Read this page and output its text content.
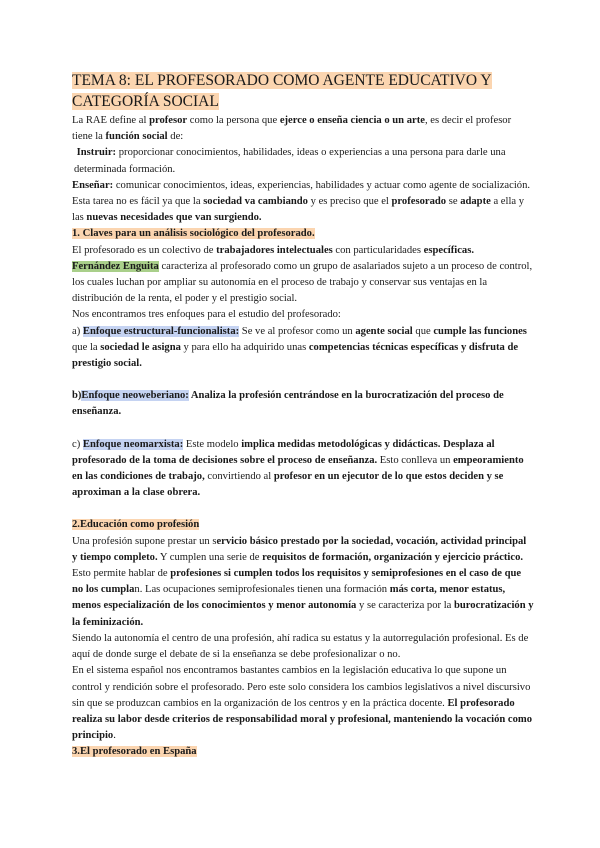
TEMA 8: EL PROFESORADO COMO AGENTE EDUCATIVO Y
CATEGORÍA SOCIAL

La RAE define al profesor como la persona que ejerce o enseña ciencia o un arte, es decir el profesor tiene la función social de:

Instruir: proporcionar conocimientos, habilidades, ideas o experiencias a una persona para darle una determinada formación.

Enseñar: comunicar conocimientos, ideas, experiencias, habilidades y actuar como agente de socialización.

Esta tarea no es fácil ya que la sociedad va cambiando y es preciso que el profesorado se adapte a ella y las nuevas necesidades que van surgiendo.

1. Claves para un análisis sociológico del profesorado.

El profesorado es un colectivo de trabajadores intelectuales con particularidades específicas.

Fernández Enguita caracteriza al profesorado como un grupo de asalariados sujeto a un proceso de control, los cuales luchan por ampliar su autonomía en el proceso de trabajo y conservar sus ventajas en la distribución de la renta, el poder y el prestigio social.

Nos encontramos tres enfoques para el estudio del profesorado:

a) Enfoque estructural-funcionalista: Se ve al profesor como un agente social que cumple las funciones que la sociedad le asigna y para ello ha adquirido unas competencias técnicas específicas y disfruta de prestigio social.

b)Enfoque neoweberiano: Analiza la profesión centrándose en la burocratización del proceso de enseñanza.

c) Enfoque neomarxista: Este modelo implica medidas metodológicas y didácticas. Desplaza al profesorado de la toma de decisiones sobre el proceso de enseñanza. Esto conlleva un empeoramiento en las condiciones de trabajo, convirtiendo al profesor en un ejecutor de lo que estos deciden y se aproximan a la clase obrera.

2.Educación como profesión

Una profesión supone prestar un servicio básico prestado por la sociedad, vocación, actividad principal y tiempo completo. Y cumplen una serie de requisitos de formación, organización y ejercicio práctico.

Esto permite hablar de profesiones si cumplen todos los requisitos y semiprofesiones en el caso de que no los cumplan. Las ocupaciones semiprofesionales tienen una formación más corta, menor estatus, menos especialización de los conocimientos y menor autonomía y se caracteriza por la burocratización y la feminización.

Siendo la autonomía el centro de una profesión, ahí radica su estatus y la autorregulación profesional. Es de aquí de donde surge el debate de si la enseñanza se debe profesionalizar o no.

En el sistema español nos encontramos bastantes cambios en la legislación educativa lo que supone un control y rendición sobre el profesorado. Pero este solo considera los cambios legislativos a nivel discursivo sin que se produzcan cambios en la organización de los centros y en la práctica docente. El profesorado realiza su labor desde criterios de responsabilidad moral y profesional, manteniendo la vocación como principio.

3.El profesorado en España
